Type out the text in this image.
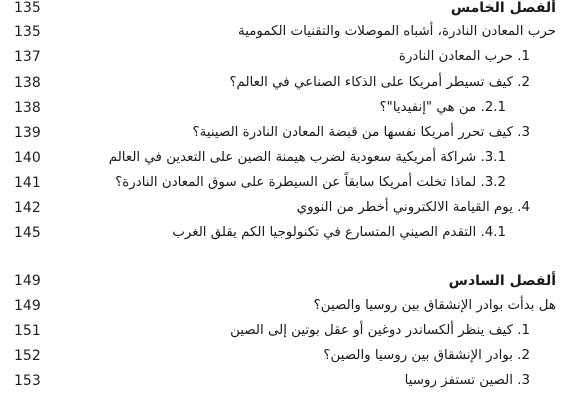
ألفصل الخامس
135
حرب المعادن النادرة، أشباه الموصلات والتقنيات الكمومية
135
1. حرب المعادن النادرة
137
2. كيف تسيطر أمريكا على الذكاء الصناعي في العالم؟
138
2.1. من هي "إنفيديا"؟
138
3. كيف تحرر أمريكا نفسها من قبضة المعادن النادرة الصينية؟
139
3.1. شراكة أمريكية سعودية لضرب هيمنة الصين على التعدين في العالم
140
3.2. لماذا تخلت أمريكا سابقاً عن السيطرة على سوق المعادن النادرة؟
141
4. يوم القيامة الالكتروني أخطر من النووي
142
4.1. التقدم الصيني المتسارع في تكنولوجيا الكم يقلق الغرب
145
ألفصل السادس
149
هل بدأت بوادر الإنشقاق بين روسيا والصين؟
149
1. كيف ينظر ألكساندر دوغين أو عقل بوتين إلى الصين
151
2. بوادر الإنشقاق بين روسيا والصين؟
152
3. الصين تستفز روسيا
153
